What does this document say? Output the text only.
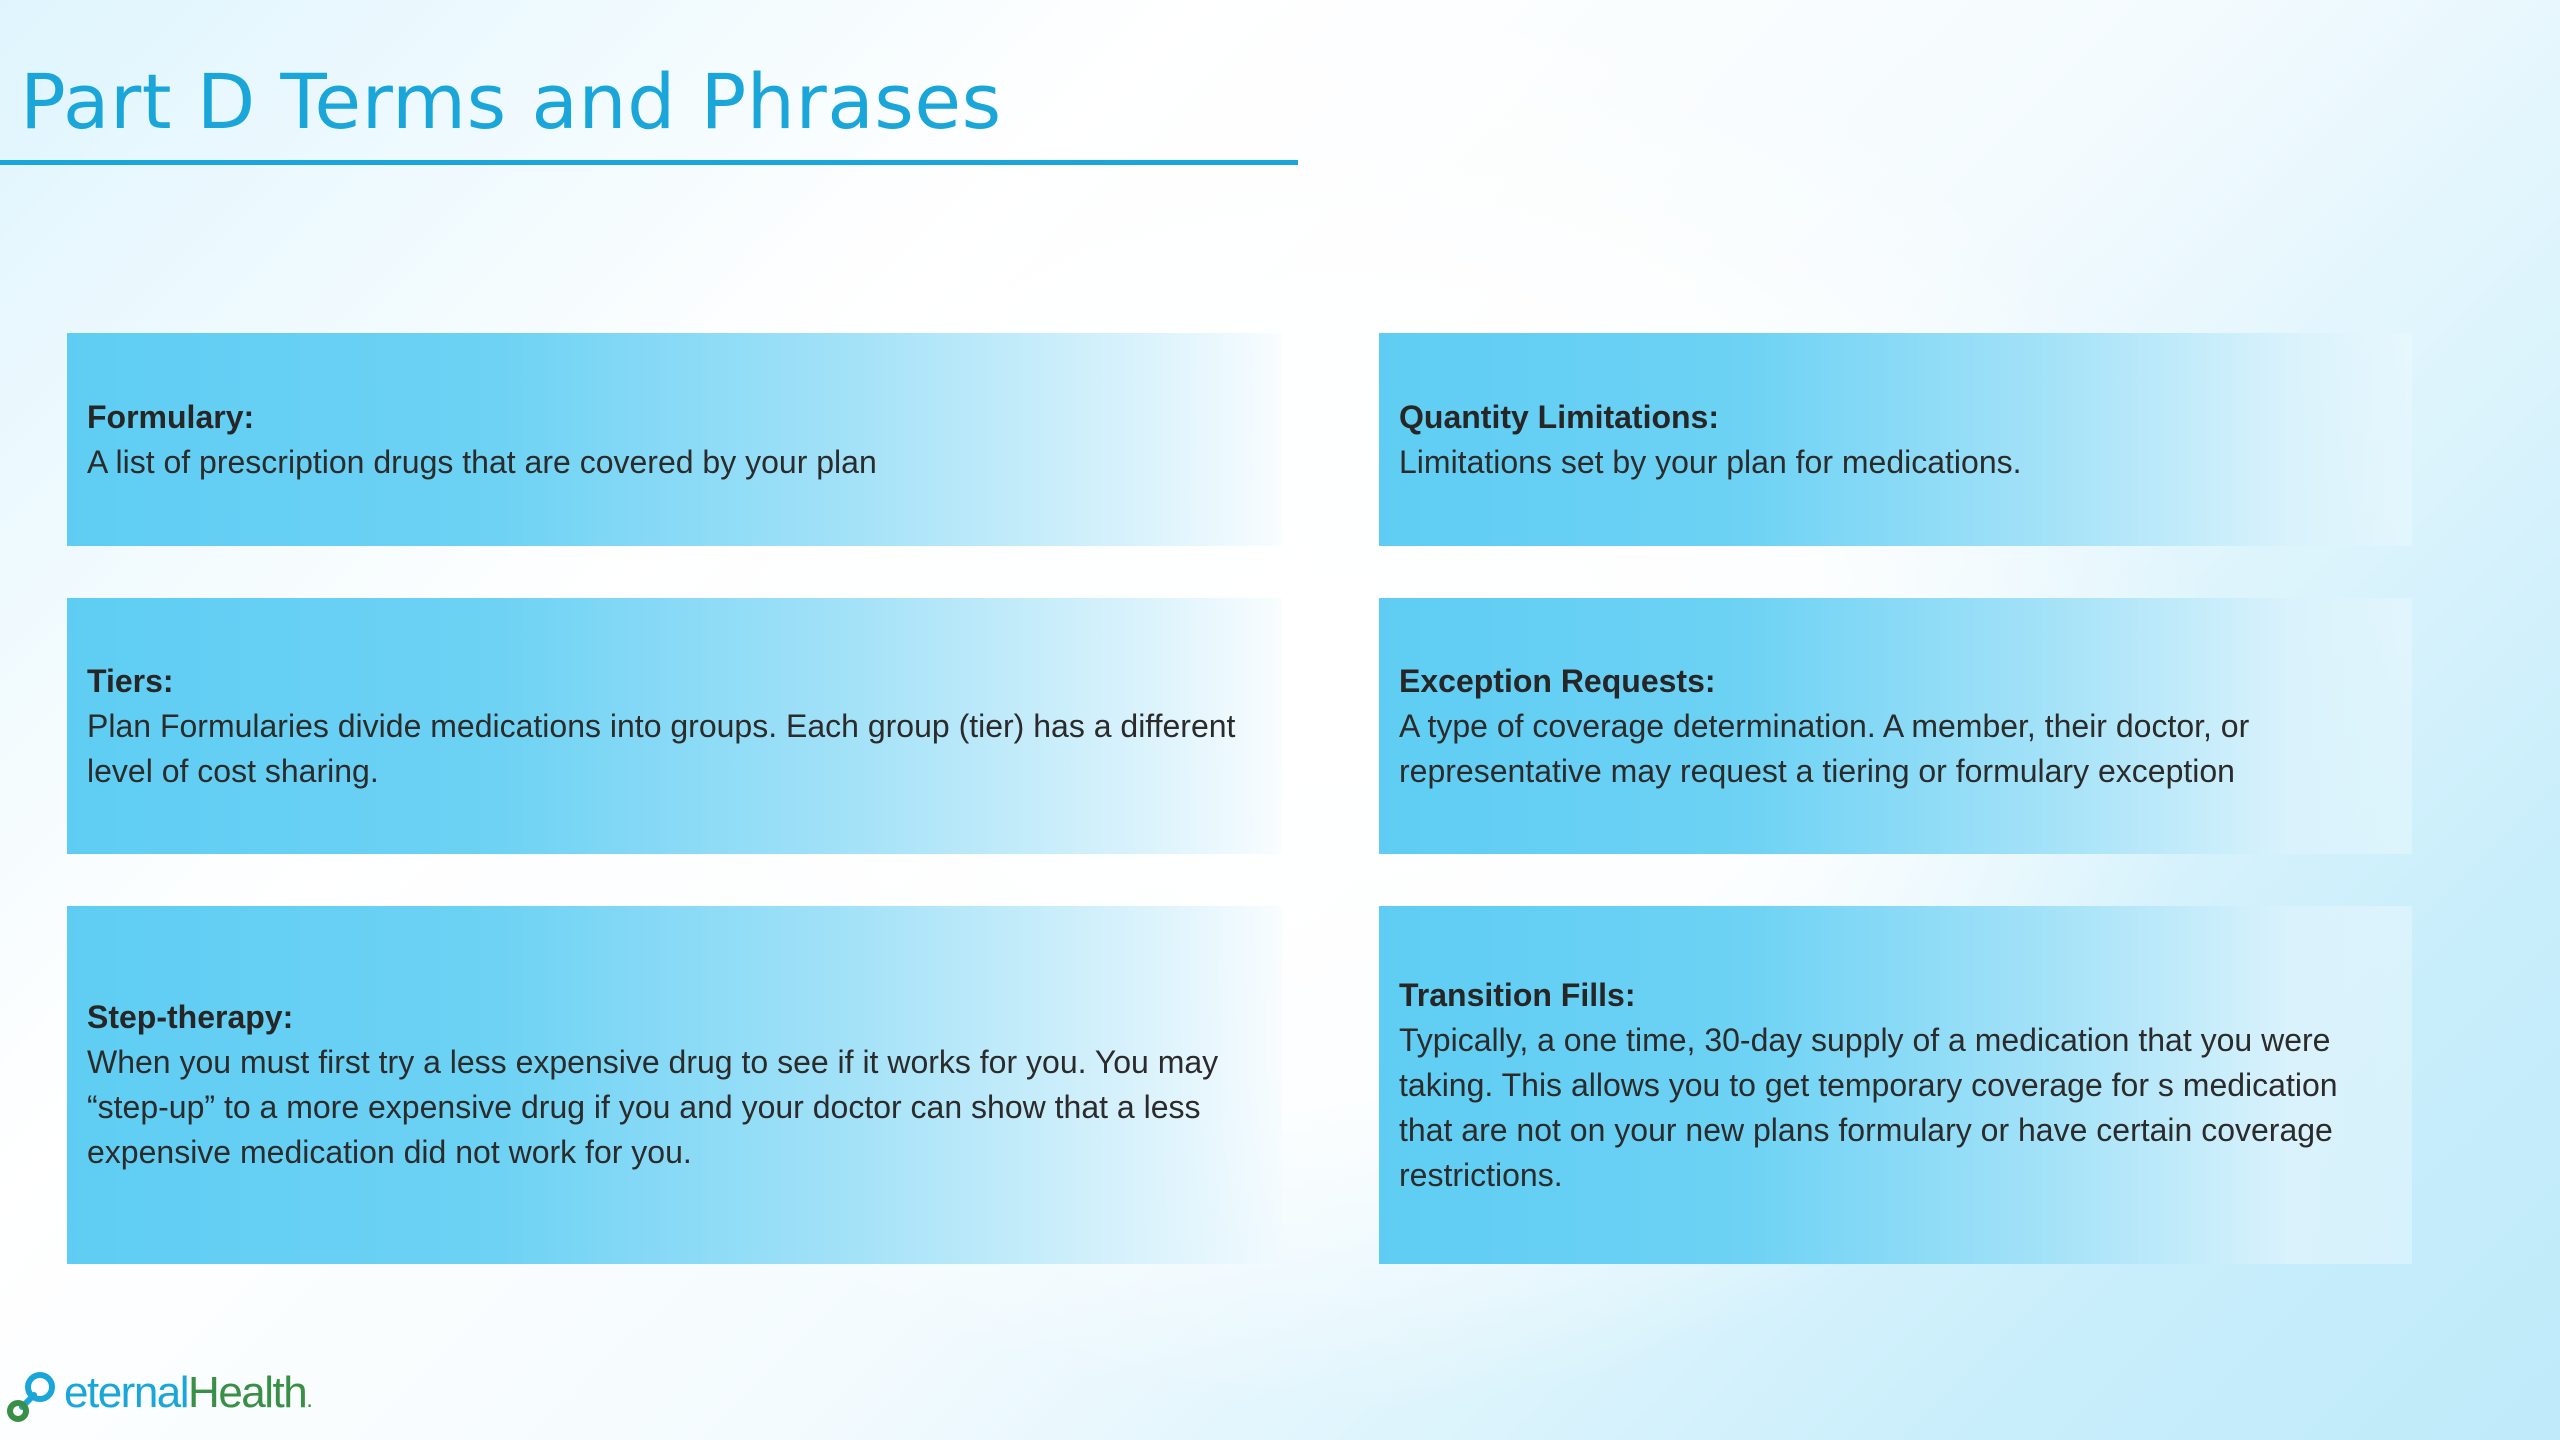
Part D Terms and Phrases
Formulary:
A list of prescription drugs that are covered by your plan
Quantity Limitations:
Limitations set by your plan for medications.
Tiers:
Plan Formularies divide medications into groups. Each group (tier) has a different level of cost sharing.
Exception Requests:
A type of coverage determination. A member, their doctor, or representative may request a tiering or formulary exception
Step-therapy:
When you must first try a less expensive drug to see if it works for you. You may “step-up” to a more expensive drug if you and your doctor can show that a less expensive medication did not work for you.
Transition Fills:
Typically, a one time, 30-day supply of a medication that you were taking. This allows you to get temporary coverage for s medication that are not on your new plans formulary or have certain coverage restrictions.
eternalHealth.
